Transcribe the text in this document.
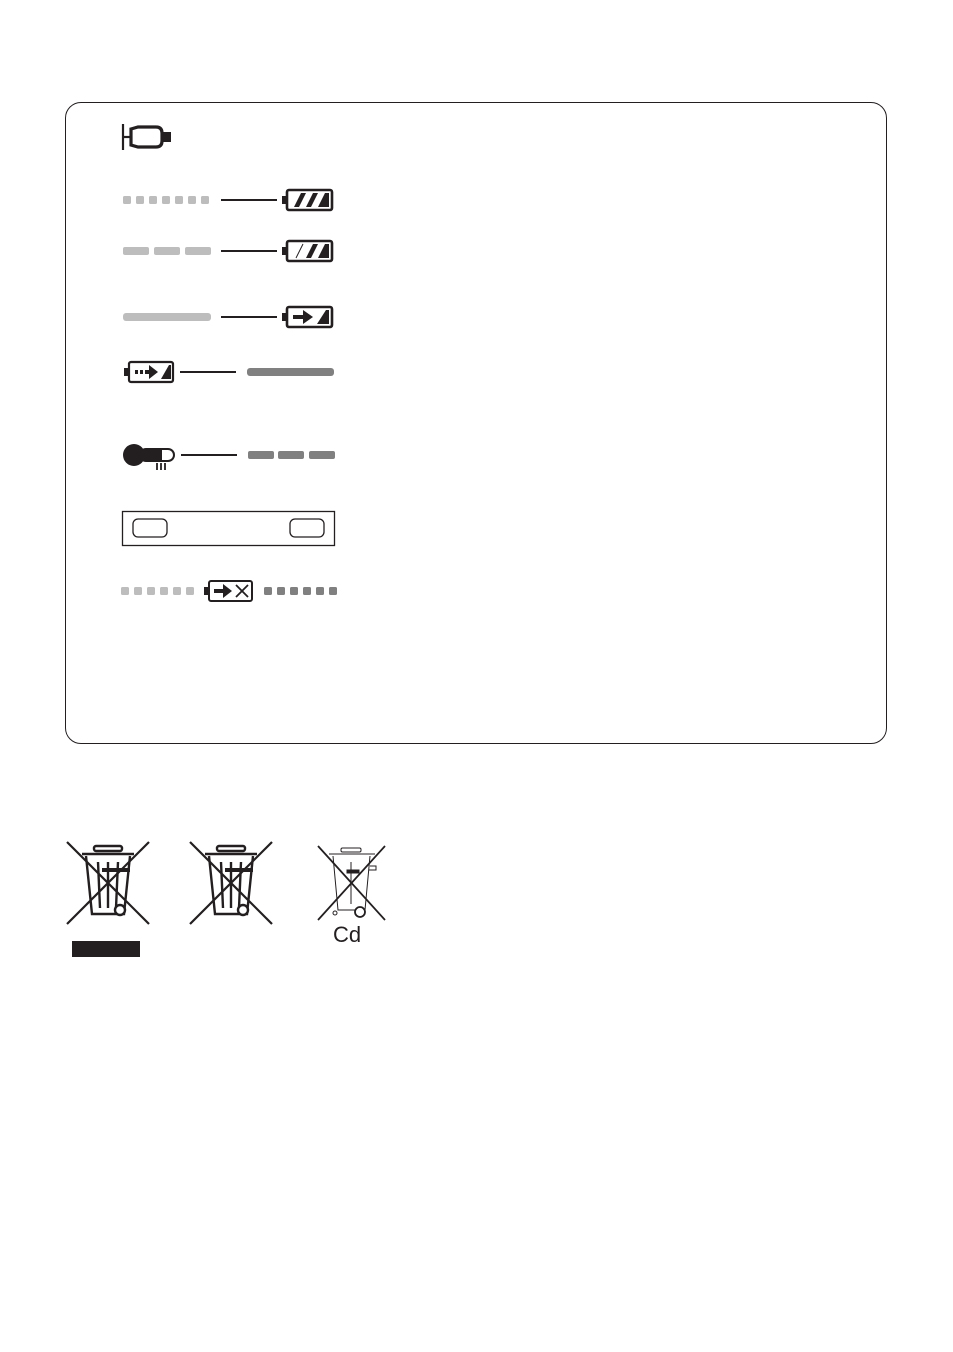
Cd
